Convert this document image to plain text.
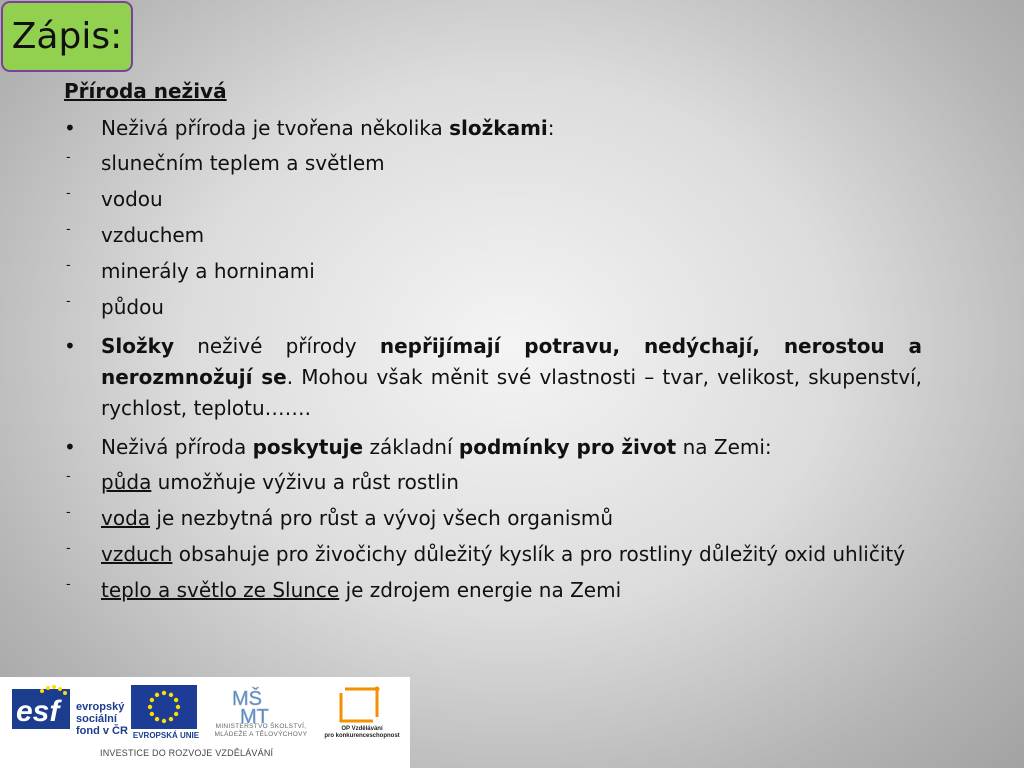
Zápis:
Příroda neživá
• Neživá příroda je tvořena několika složkami:
- slunečním teplem a světlem
- vodou
- vzduchem
- minerály a horninami
- půdou
• Složky neživé přírody nepřijímají potravu, nedýchají, nerostou a nerozmnožují se. Mohou však měnit své vlastnosti – tvar, velikost, skupenství, rychlost, teplotu…….
• Neživá příroda poskytuje základní podmínky pro život na Zemi:
- půda umožňuje výživu a růst rostlin
- voda je nezbytná pro růst a vývoj všech organismů
- vzduch obsahuje pro živočichy důležitý kyslík a pro rostliny důležitý oxid uhličitý
- teplo a světlo ze Slunce je zdrojem energie na Zemi
esf evropský
sociální
fond v ČR EVROPSKÁ UNIE
MŠ
MT
MINISTERSTVO ŠKOLSTVÍ,
MLÁDEŽE A TĚLOVÝCHOVY
OP Vzdělávání
pro konkurenceschopnost
INVESTICE DO ROZVOJE VZDĚLÁVÁNÍ
